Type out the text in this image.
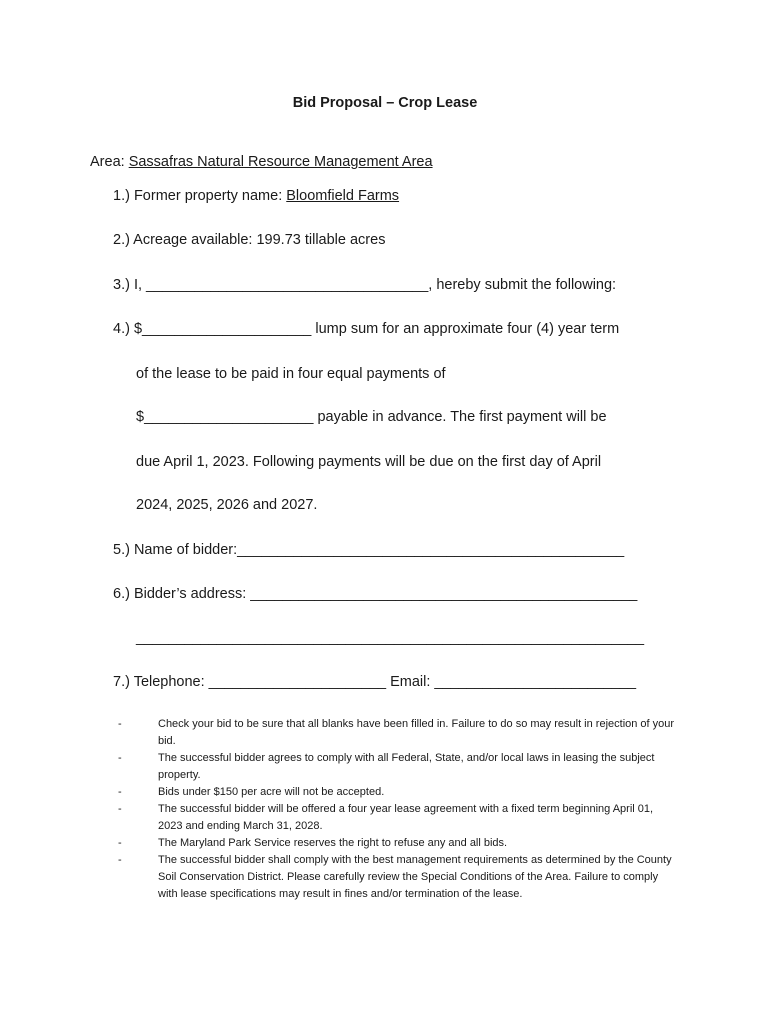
Bid Proposal – Crop Lease
Area: Sassafras Natural Resource Management Area
1.) Former property name: Bloomfield Farms
2.) Acreage available: 199.73 tillable acres
3.) I, ___________________________________, hereby submit the following:
4.) $_____________________ lump sum for an approximate four (4) year term
of the lease to be paid in four equal payments of
$_____________________ payable in advance. The first payment will be
due April 1, 2023. Following payments will be due on the first day of April
2024, 2025, 2026 and 2027.
5.) Name of bidder:________________________________________________
6.) Bidder’s address: ________________________________________________
_______________________________________________________________
7.) Telephone: ______________________ Email: _________________________
-	Check your bid to be sure that all blanks have been filled in. Failure to do so may result in rejection of your bid.
-	The successful bidder agrees to comply with all Federal, State, and/or local laws in leasing the subject property.
-	Bids under $150 per acre will not be accepted.
-	The successful bidder will be offered a four year lease agreement with a fixed term beginning April 01, 2023 and ending March 31, 2028.
-	The Maryland Park Service reserves the right to refuse any and all bids.
-	The successful bidder shall comply with the best management requirements as determined by the County Soil Conservation District. Please carefully review the Special Conditions of the Area. Failure to comply with lease specifications may result in fines and/or termination of the lease.
